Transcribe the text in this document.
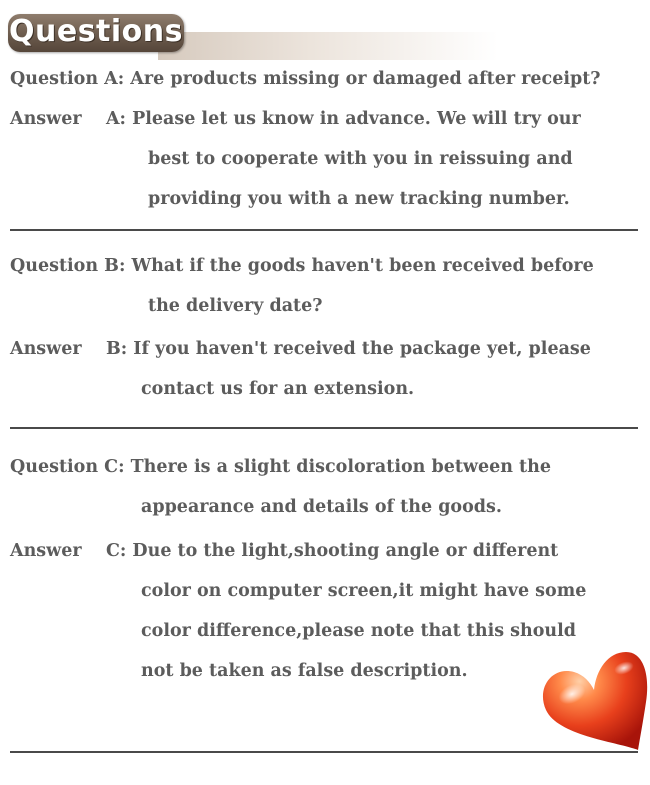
Questions
Question A: Are products missing or damaged after receipt?
Answer    A: Please let us know in advance. We will try our
best to cooperate with you in reissuing and
providing you with a new tracking number.
Question B: What if the goods haven't been received before
the delivery date?
Answer    B: If you haven't received the package yet, please
contact us for an extension.
Question C: There is a slight discoloration between the
appearance and details of the goods.
Answer    C: Due to the light,shooting angle or different
color on computer screen,it might have some
color difference,please note that this should
not be taken as false description.
